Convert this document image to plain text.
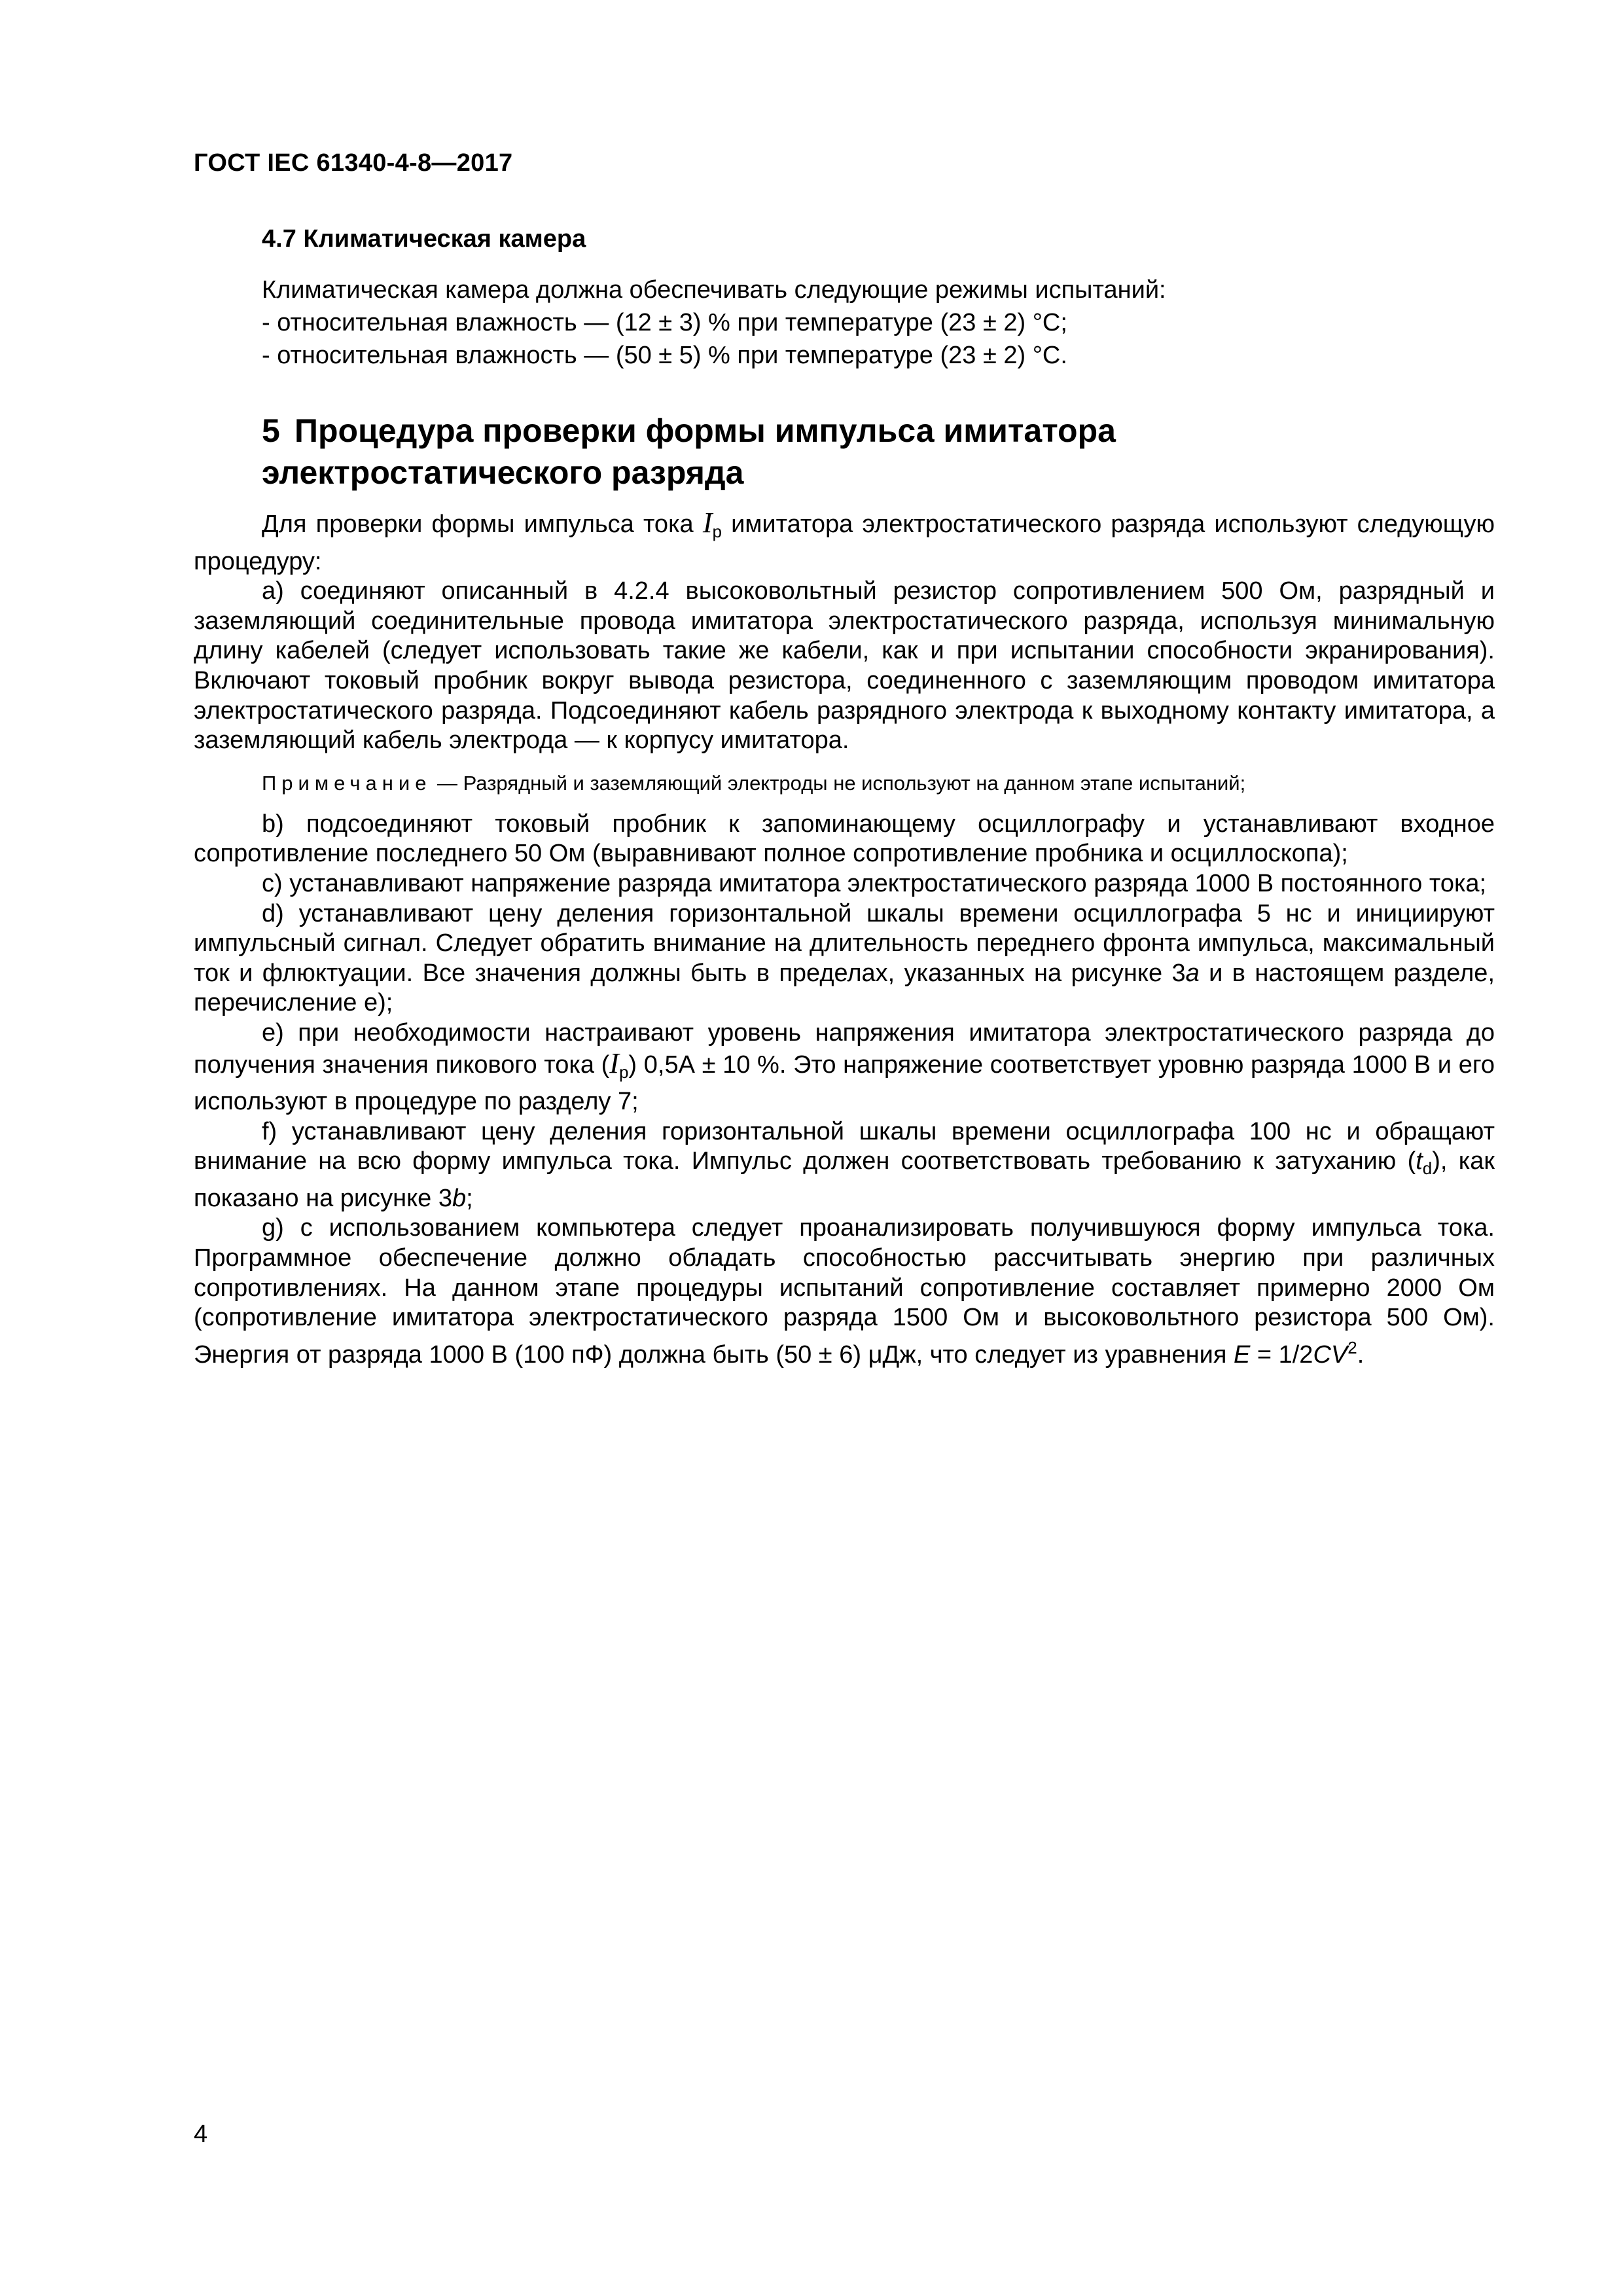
ГОСТ IEC 61340-4-8—2017
4.7 Климатическая камера

Климатическая камера должна обеспечивать следующие режимы испытаний:

- относительная влажность — (12 ± 3) % при температуре (23 ± 2) °С;

- относительная влажность — (50 ± 5) % при температуре (23 ± 2) °С.

5 Процедура проверки формы импульса имитатора
электростатического разряда

Для проверки формы импульса тока $I_p$ имитатора электростатического разряда используют следующую процедуру:

a) соединяют описанный в 4.2.4 высоковольтный резистор сопротивлением 500 Ом, разрядный и заземляющий соединительные провода имитатора электростатического разряда, используя минимальную длину кабелей (следует использовать такие же кабели, как и при испытании способности экранирования). Включают токовый пробник вокруг вывода резистора, соединенного с заземляющим проводом имитатора электростатического разряда. Подсоединяют кабель разрядного электрода к выходному контакту имитатора, а заземляющий кабель электрода — к корпусу имитатора.

Примечание — Разрядный и заземляющий электроды не используют на данном этапе испытаний;

b) подсоединяют токовый пробник к запоминающему осциллографу и устанавливают входное сопротивление последнего 50 Ом (выравнивают полное сопротивление пробника и осциллоскопа);

c) устанавливают напряжение разряда имитатора электростатического разряда 1000 В постоянного тока;

d) устанавливают цену деления горизонтальной шкалы времени осциллографа 5 нс и инициируют импульсный сигнал. Следует обратить внимание на длительность переднего фронта импульса, максимальный ток и флюктуации. Все значения должны быть в пределах, указанных на рисунке 3a и в настоящем разделе, перечисление е);

e) при необходимости настраивают уровень напряжения имитатора электростатического разряда до получения значения пикового тока $(I_p) 0,5А \pm 10$ %. Это напряжение соответствует уровню разряда 1000 В и его используют в процедуре по разделу 7;

f) устанавливают цену деления горизонтальной шкалы времени осциллографа 100 нс и обращают внимание на всю форму импульса тока. Импульс должен соответствовать требованию к затуханию $(t_d)$, как показано на рисунке 3b;

g) с использованием компьютера следует проанализировать получившуюся форму импульса тока. Программное обеспечение должно обладать способностью рассчитывать энергию при различных сопротивлениях. На данном этапе процедуры испытаний сопротивление составляет примерно 2000 Ом (сопротивление имитатора электростатического разряда 1500 Ом и высоковольтного резистора 500 Ом). Энергия от разряда 1000 В (100 пФ) должна быть (50 ± 6) μДж, что следует из уравнения $E = 1/2CV^2$.

4
